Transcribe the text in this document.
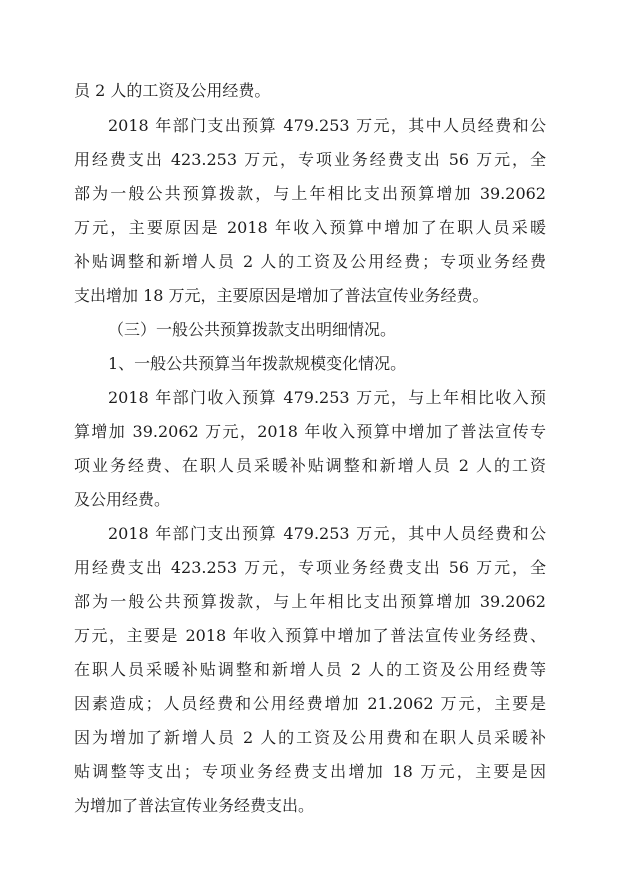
员 2 人的工资及公用经费。
2018 年部门支出预算 479.253 万元，其中人员经费和公
用经费支出 423.253 万元，专项业务经费支出 56 万元，全
部为一般公共预算拨款，与上年相比支出预算增加 39.2062
万元，主要原因是 2018 年收入预算中增加了在职人员采暖
补贴调整和新增人员 2 人的工资及公用经费；专项业务经费
支出增加 18 万元，主要原因是增加了普法宣传业务经费。
（三）一般公共预算拨款支出明细情况。
1、一般公共预算当年拨款规模变化情况。
2018 年部门收入预算 479.253 万元，与上年相比收入预
算增加 39.2062 万元，2018 年收入预算中增加了普法宣传专
项业务经费、在职人员采暖补贴调整和新增人员 2 人的工资
及公用经费。
2018 年部门支出预算 479.253 万元，其中人员经费和公
用经费支出 423.253 万元，专项业务经费支出 56 万元，全
部为一般公共预算拨款，与上年相比支出预算增加 39.2062
万元，主要是 2018 年收入预算中增加了普法宣传业务经费、
在职人员采暖补贴调整和新增人员 2 人的工资及公用经费等
因素造成；人员经费和公用经费增加 21.2062 万元，主要是
因为增加了新增人员 2 人的工资及公用费和在职人员采暖补
贴调整等支出；专项业务经费支出增加 18 万元，主要是因
为增加了普法宣传业务经费支出。
